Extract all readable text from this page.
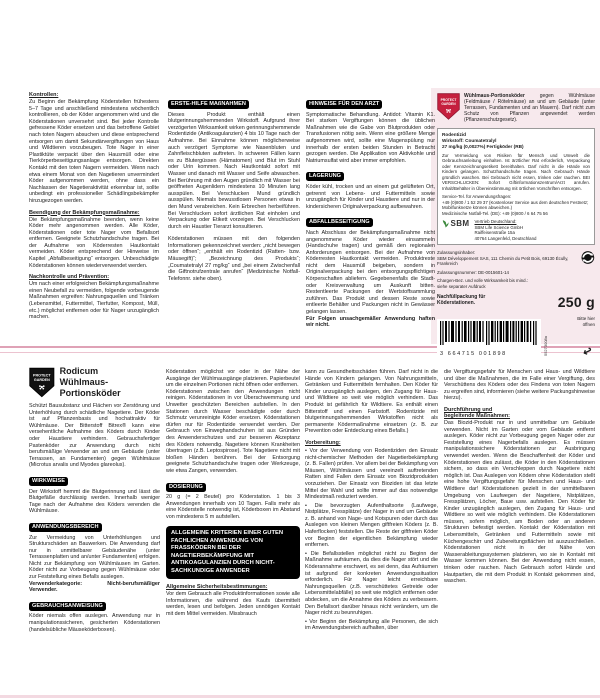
Kontrollen:

Zu Beginn der Bekämpfung Köderstellen frühestens 5–7 Tage und anschließend mindestens wöchentlich kontrollieren, ob der Köder angenommen wird und die Köderstationen unversehrt sind. Bei jeder Kontrolle gefressene Köder ersetzen und das betroffene Gebiet nach toten Nagern absuchen und diese entsprechend entsorgen um damit Sekundärvergiftungen von Haus und Wildtieren vorzubeugen. Tote Nager in einer Plastiktüte verpackt über den Hausmüll oder eine Tierkörperbeseitigungsanlage entsorgen. Direkten Kontakt mit den toten Nagern vermeiden. Wenn nach etwa einem Monat von den Nagetieren unvermindert Köder aufgenommen werden, ohne dass ein Nachlassen der Nagetieraktivität erkennbar ist, sollte unbedingt ein professioneller Schädlingsbekämpfer hinzugezogen werden.

Beendigung der Bekämpfungsmaßnahme:

Die Bekämpfungsmaßnahme beenden, wenn keine Köder mehr angenommen werden. Alle Köder, Köderstationen oder tote Nager vom Befallsort entfernen. Geeignete Schutzhandschuhe tragen. Bei der Aufnahme von Köderresten Hautkontakt vermeiden. Köder entsprechend der Hinweise im Kapitel „Abfallbeseitigung“ entsorgen. Unbeschädigte Köderstationen können wiederverwendet werden.

Nachkontrolle und Prävention:

Um nach einer erfolgreichen Bekämpfungsmaßnahme einen Neubefall zu vermeiden, folgende vorbeugende Maßnahmen ergreifen: Nahrungsquellen und Tränken (Lebensmittel, Futtermittel, Tierfutter, Kompost, Müll, etc.) möglichst entfernen oder für Nager unzugänglich machen.

ERSTE-HILFE MAßNAHMEN

Dieses Produkt enthält einen blutgerinnungshemmenden Wirkstoff. Aufgrund ihrer verzögerten Wirksamkeit wirken gerinnungshemmende Rodentizide (Antikoagulanzien) 4 bis 10 Tage nach der Aufnahme. Bei Einnahme können möglicherweise auch verzögert Symptome wie Nasenbluten und Zahnfleischbluten auftreten. In schweren Fällen kann es zu Blutergüssen (Hämatomen) und Blut im Stuhl oder Urin kommen. Nach Hautkontakt sofort mit Wasser und danach mit Wasser und Seife abwaschen. Bei Berührung mit den Augen gründlich mit Wasser bei geöffneten Augenlidern mindestens 10 Minuten lang ausspülen. Bei Verschlucken Mund gründlich ausspülen. Niemals bewusstlosen Personen etwas in den Mund verabreichen. Kein Erbrechen herbeiführen. Bei Verschlucken sofort ärztlichen Rat einholen und Verpackung oder Etikett vorzeigen. Bei Verschlucken durch ein Haustier Tierarzt konsultieren.

Köderstationen müssen mit den folgenden Informationen gekennzeichnet werden: „nicht bewegen oder öffnen“; „enthält ein Rodentizid (Ratten- bzw. Mäusegift)“; „Bezeichnung des Produkts“; „Coumatetralyl 27 mg/kg“ und „bei einem Zwischenfall die Giftnotrufzentrale anrufen“ (Medizinische Notfall-Telefonnr. siehe oben).

HINWEISE FÜR DEN ARZT

Symptomatische Behandlung. Antidot: Vitamin K1. Bei starken Vergiftungen können die üblichen Maßnahmen wie die Gabe von Blutprodukten oder Transfusionen nötig sein. Wenn eine größere Menge aufgenommen wird, sollte eine Magenspülung nur innerhalb der ersten beiden Stunden in Betracht gezogen werden. Die Applikation von Aktivkohle und Natriumsulfat wird aber immer empfohlen.

LAGERUNG

Köder kühl, trocken und an einem gut gelüfteten Ort, getrennt von Lebens- und Futtermitteln sowie unzugänglich für Kinder und Haustiere und nur in der kindersicheren Originalverpackung aufbewahren.

ABFALLBESEITIGUNG

Nach Abschluss der Bekämpfungsmaßnahme nicht angenommene Köder wieder einsammeln (Handschuhe tragen) und gemäß den regionalen Anforderungen entsorgen. Bei der Aufnahme von Köderresten Hautkontakt vermeiden. Produktreste nicht dem Hausmüll beigeben, sondern in Originalverpackung bei den entsorgungspflichtigen Körperschaften abliefern. Gegebenenfalls die Stadt- oder Kreisverwaltung um Auskunft bitten. Restentleerte Packungen der Wertstoffsammlung zuführen. Das Produkt und dessen Reste sowie entleerte Behälter und Packungen nicht in Gewässer gelangen lassen.

Für Folgen unsachgemäßer Anwendung haften wir nicht.

PROTECT
GARDEN

Wühlmaus-Portionsköder	gegen Wühlmäuse (Feldmäuse / Rötelmäuse) an und um Gebäude (unter Terrassen, Fundamenten und an Mauern). Darf nicht zum Schutz von Pflanzen angewendet werden (Pflanzenschutzgesetz).

Rodentizid
Wirkstoff: Coumatetralyl
27 mg/kg (0,0027%) Fertigköder (RB)

Zur Vermeidung von Risiken für Mensch und Umwelt die Gebrauchsanleitung einhalten. Ist ärztlicher Rat erforderlich, Verpackung oder Kennzeichnungsetikett bereithalten. Darf nicht in die Hände von Kindern gelangen. Schutzhandschuhe tragen. Nach Gebrauch Hände gründlich waschen. Bei Gebrauch nicht essen, trinken oder rauchen. BEI VERSCHLUCKEN: Sofort Giftinformationszentrum/Arzt anrufen. Inhalt/Behälter in Übereinstimmung mit örtlichen Vorschriften entsorgen.

Service-Tel. für Anwendungsfragen:
+49 (0)800 / 1 52 29 37 (Kostenloser Service aus dem deutschen Festnetz; Mobilfunknetze können abweichen.)
Medizinische Notfall-Tel. (DE): +49 (0)800 / 6 64 75 56
SBM Vertrieb Deutschland:
SBM Life Science GmbH
Raiffeisenstraße 15a
40764 Langenfeld, Deutschland
Zulassungsinhaber:
SBM Développement SAS, 111 Chemin du Petit Bois, 69130 Écully, Frankreich
Zulassungsnummer: DE-0015601-14
Chargen-Bez. und volle Wirksamkeit bis mind.:
siehe separater Aufdruck
Nachfüllpackung für Köderstationen.	250 g
3 664715 001898	55273008a
Bitte hier öffnen
↩
PROTECT
GARDEN
Rodicum
Wühlmaus-Portionsköder

Schützt Bausubstanz und Flächen vor Zerstörung und Unterhöhlung durch schädliche Nagetiere. Der Köder ist auf Pflanzenbasis und hochattraktiv für Wühlmäuse. Der Bitterstoff Bitrex® kann eine versehentliche Aufnahme des Köders durch Kinder oder Haustiere verhindern. Gebrauchsfertiger Pastenköder zur Anwendung durch nicht berufsmäßige Verwender an und um Gebäude (unter Terrassen, an Fundamenten) gegen Wühlmäuse (Microtus arvalis und Myodes glareolus).

WIRKWEISE

Der Wirkstoff hemmt die Blutgerinnung und lässt die Blutgefäße durchlässig werden. Innerhalb weniger Tage nach der Aufnahme des Köders verenden die Wühlmäuse.

ANWENDUNGSBEREICH

Zur Vermeidung von Unterhöhlungen und Strukturschäden an Bauwerken. Die Anwendung darf nur in unmittelbarer Gebäudenähe (unter Terrassenplatten und an/unter Fundamenten) erfolgen. Nicht zur Bekämpfung von Wühlmäusen im Garten. Köder nicht zur Vorbeugung gegen Wühlmäuse oder zur Feststellung eines Befalls auslegen.

Verwenderkategorie: Nicht-berufsmäßiger Verwender.

GEBRAUCHSANWEISUNG

Köder niemals offen auslegen. Anwendung nur in manipulationssicheren, gesicherten Köderstationen (handelsübliche Mäuseköderboxen).

Köderstation möglichst vor oder in der Nähe der Ausgänge der Wühlmausgänge platzieren. Papierbeutel um die einzelnen Portionen nicht öffnen oder entfernen.

Köderstationen zwischen den Anwendungen nicht reinigen. Köderstationen in vor Überschwemmung und Unwetter geschützten Bereichen aufstellen. In den Stationen durch Wasser beschädigte oder durch Schmutz verunreinigte Köder ersetzen. Köderstationen dürfen nur für Rodentizide verwendet werden. Der Gebrauch von Einweghandschuhen ist aus Gründen des Anwenderschutzes und zur besseren Akzeptanz des Köders notwendig. Nagetiere können Krankheiten übertragen (z.B. Leptospirose). Tote Nagetiere nicht mit bloßen Händen berühren. Bei der Entsorgung geeignete Schutzhandschuhe tragen oder Werkzeuge, wie etwa Zangen, verwenden.

DOSIERUNG

20 g (= 2 Beutel) pro Köderstation. 1 bis 3 Anwendungen innerhalb von 10 Tagen. Falls mehr als eine Köderstelle notwendig ist, Köderboxen im Abstand von mindestens 5 m aufstellen.

ALLGEMEINE KRITERIEN EINER GUTEN FACHLICHEN ANWENDUNG VON FRASSKÖDERN BEI DER NAGETIERBEKÄMPFUNG MIT ANTIKOAGULANZIEN DURCH NICHT-SACHKUNDIGE ANWENDER
Allgemeine Sicherheitsbestimmungen:

Vor dem Gebrauch alle Produktinformationen sowie alle Informationen, die während des Kaufs übermittelt werden, lesen und befolgen. Jeden unnötigen Kontakt mit dem Mittel vermeiden. Missbrauch

kann zu Gesundheitsschäden führen. Darf nicht in die Hände von Kindern gelangen. Von Nahrungsmitteln, Getränken und Futtermitteln fernhalten. Den Köder für Kinder unzugänglich auslegen, den Zugang für Haus- und Wildtiere so weit wie möglich verhindern. Das Produkt ist gefährlich für Wildtiere. Es enthält einen Bitterstoff und einen Farbstoff. Rodentizide mit blutgerinnungshemmenden Wirkstoffen nicht als permanente Ködermaßnahme einsetzen (z. B. zur Prevention oder Entdeckung eines Befalls.)

Vorbereitung:

• Vor der Verwendung von Rodentiziden den Einsatz nicht-chemischer Methoden der Nagetierbekämpfung (z. B. Fallen) prüfen. Vor allem bei der Bekämpfung von Mäusen, Wühlmäusen und vereinzelt auftretenden Ratten sind Fallen dem Einsatz von Biozidprodukten vorzuziehen. Der Einsatz von Bioziden ist das letzte Mittel der Wahl und sollte immer auf das notwendige Mindestmaß reduziert werden.

• Die bevorzugten Aufenthaltsorte (Laufwege, Nistplätze, Fressplätze) der Nager in und um Gebäude z. B. anhand von Nage- und Kotspuren oder durch das Auslegen von kleinen Mengen giftfreien Köders (z. B. Haferflocken) feststellen. Die Reste der giftfreien Köder vor Beginn der eigentlichen Bekämpfung wieder entfernen.

• Die Befallsstellen möglichst nicht zu Beginn der Maßnahme aufräumen, da dies die Nager stört und die Köderannahme erschwert, es sei denn, das Aufräumen ist aufgrund der konkreten Anwendungssituation erforderlich. Für Nager leicht erreichbare Nahrungsquellen (z.B. verschüttetes Getreide oder Lebensmittelabfälle) so weit wie möglich entfernen oder abdecken, um die Annahme des Köders zu verbessern. Den Befallsort darüber hinaus nicht verändern, um die Nager nicht zu beunruhigen.

• Vor Beginn der Bekämpfung alle Personen, die sich im Anwendungsbereich aufhalten, über

die Vergiftungsgefahr für Menschen und Haus- und Wildtiere und über die Maßnahmen, die im Falle einer Vergiftung, des Verschüttens des Köders oder des Findens von toten Nagern zu ergreifen sind, informieren (siehe weitere Packungshinweise hierzu).

Durchführung und
begleitende Maßnahmen:

Das Biozid-Produkt nur in und unmittelbar um Gebäude verwenden. Nicht im Garten oder vom Gebäude entfernt auslegen. Köder nicht zur Vorbeugung gegen Nager oder zur Feststellung eines Nagerbefalls auslegen. Es müssen manipulationssichere Köderstationen zur Ausbringung verwendet werden. Wenn die Beschaffenheit der Köder und Köderstationen dies zulässt, die Köder in den Köderstationen sichern, so dass ein Verschleppen durch Nagetiere nicht möglich ist. Das Auslegen von Ködern ohne Köderstation stellt eine hohe Vergiftungsgefahr für Menschen und Haus- und Wildtiere dar! Köderstationen gezielt in der unmittelbaren Umgebung von Laufwegen der Nagetiere, Nistplätzen, Fressplätzen, Löcher, Baue usw. aufstellen. Den Köder für Kinder unzugänglich auslegen, den Zugang für Haus- und Wildtiere so weit wie möglich verhindern. Die Köderstationen müssen, sofern möglich, am Boden oder an anderen Strukturen befestigt werden. Kontakt der Köderstation mit Lebensmitteln, Getränken und Futtermitteln sowie mit Küchengeschirr und Zubereitungsflächen ist auszuschließen. Köderstationen nicht in der Nähe von Wasserableitungssystemen platzieren, wo sie in Kontakt mit Wasser kommen können. Bei der Anwendung nicht essen, trinken oder rauchen. Nach Gebrauch sofort Hände und Hautpartien, die mit dem Produkt in Kontakt gekommen sind, waschen.
